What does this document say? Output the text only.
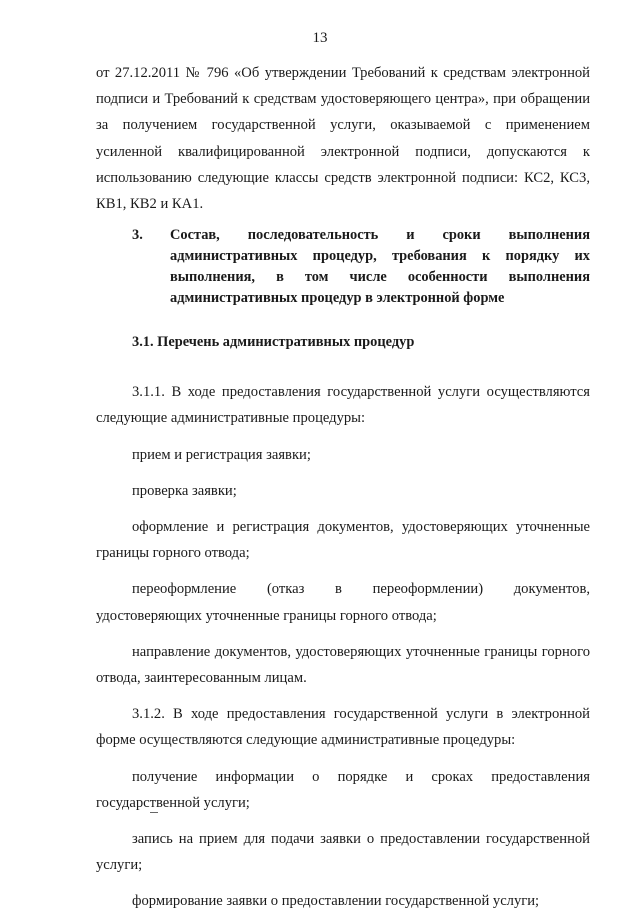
13

от 27.12.2011 № 796 «Об утверждении Требований к средствам электронной подписи и Требований к средствам удостоверяющего центра», при обращении за получением государственной услуги, оказываемой с применением усиленной квалифицированной электронной подписи, допускаются к использованию следующие классы средств электронной подписи: КС2, КС3, КВ1, КВ2 и КА1.

3.	Состав, последовательность и сроки выполнения административных процедур, требования к порядку их выполнения, в том числе особенности выполнения административных процедур в электронной форме
3.1. Перечень административных процедур

3.1.1. В ходе предоставления государственной услуги осуществляются следующие административные процедуры:

прием и регистрация заявки;

проверка заявки;

оформление и регистрация документов, удостоверяющих уточненные границы горного отвода;

переоформление (отказ в переоформлении) документов, удостоверяющих уточненные границы горного отвода;

направление документов, удостоверяющих уточненные границы горного отвода, заинтересованным лицам.

3.1.2. В ходе предоставления государственной услуги в электронной форме осуществляются следующие административные процедуры:

получение информации о порядке и сроках предоставления государственной услуги;

запись на прием для подачи заявки о предоставлении государственной услуги;

формирование заявки о предоставлении государственной услуги;
